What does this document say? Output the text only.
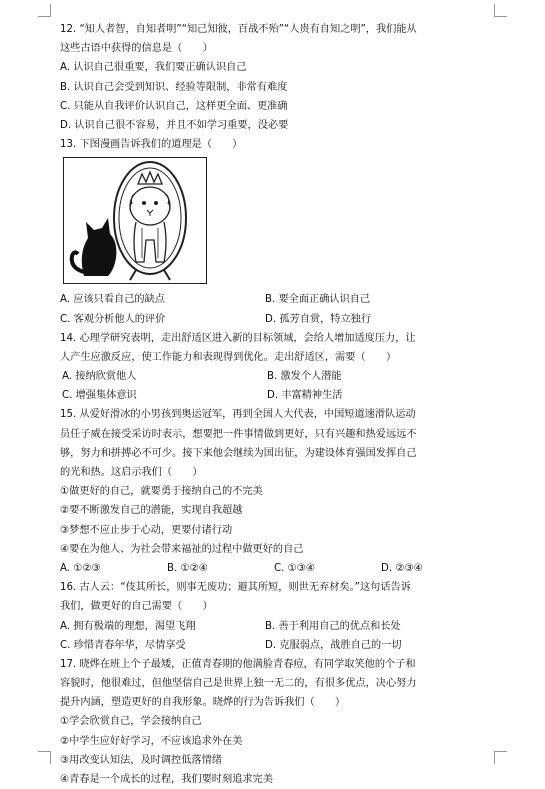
12. “知人者智，自知者明”“知己知彼，百战不殆”“人贵有自知之明”，我们能从
这些古语中获得的信息是（　　）
A. 认识自己很重要，我们要正确认识自己
B. 认识自己会受到知识、经验等限制，非常有难度
C. 只能从自我评价认识自己，这样更全面、更准确
D. 认识自己很不容易，并且不如学习重要，没必要
13. 下图漫画告诉我们的道理是（　　）
A. 应该只看自己的缺点	B. 要全面正确认识自己
C. 客观分析他人的评价	D. 孤芳自赏，特立独行
14. 心理学研究表明，走出舒适区进入新的目标领域，会给人增加适度压力，让
人产生应激反应，使工作能力和表现得到优化。走出舒适区，需要（　　）
A. 接纳欣赏他人	B. 激发个人潜能
C. 增强集体意识	D. 丰富精神生活
15. 从爱好滑冰的小男孩到奥运冠军，再到全国人大代表，中国短道速滑队运动
员任子威在接受采访时表示，想要把一件事情做到更好，只有兴趣和热爱远远不
够，努力和拼搏必不可少。接下来他会继续为国出征，为建设体育强国发挥自己
的光和热。这启示我们（　　）
①做更好的自己，就要勇于接纳自己的不完美
②要不断激发自己的潜能，实现自我超越
③梦想不应止步于心动，更要付诸行动
④要在为他人、为社会带来福祉的过程中做更好的自己
A. ①②③	B. ①②④	C. ①③④	D. ②③④
16. 古人云：“伎其所长，则事无废功；避其所短，则世无弃材矣。”这句话告诉
我们，做更好的自己需要（　　）
A. 拥有极端的理想，渴望飞翔	B. 善于利用自己的优点和长处
C. 珍惜青春年华，尽情享受	D. 克服弱点，战胜自己的一切
17. 晓烨在班上个子最矮，正值青春期的他满脸青春痘，有同学取笑他的个子和
容貌时，他很难过，但他坚信自己是世界上独一无二的，有很多优点，决心努力
提升内涵，塑造更好的自我形象。晓烨的行为告诉我们（　　）
①学会欣赏自己，学会接纳自己
②中学生应好好学习，不应该追求外在美
③用改变认知法，及时调控低落情绪
④青春是一个成长的过程，我们要时刻追求完美
